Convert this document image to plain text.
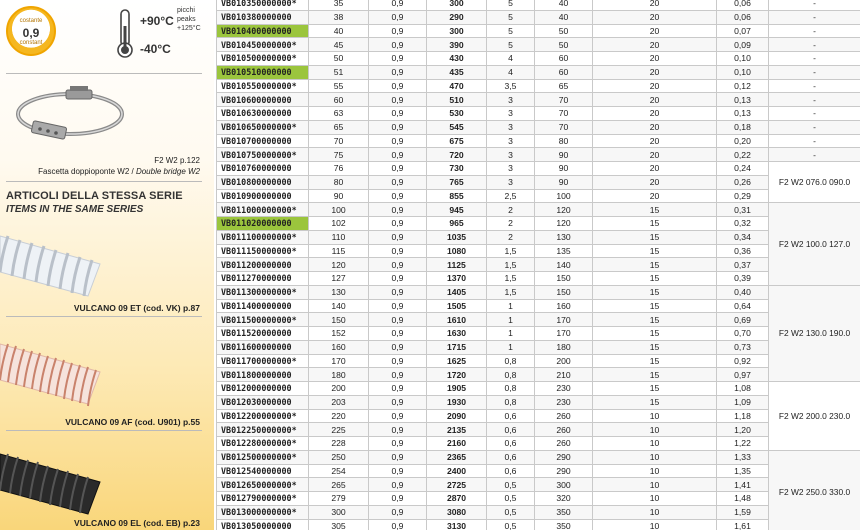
costante
0,9
constant
+90°C
-40°C
picchi
peaks
+125°C
F2 W2 p.122
Fascetta doppioponte W2 / Double bridge W2
ARTICOLI DELLA STESSA SERIE
ITEMS IN THE SAME SERIES
VULCANO 09 ET (cod. VK) p.87
VULCANO 09 AF (cod. U901) p.55
VULCANO 09 EL (cod. EB) p.23
VB010350000000*	35	0,9	300	5	40	20	0,06	-
VB010380000000	38	0,9	290	5	40	20	0,06	-
VB010400000000	40	0,9	300	5	50	20	0,07	-
VB010450000000*	45	0,9	390	5	50	20	0,09	-
VB010500000000*	50	0,9	430	4	60	20	0,10	-
VB010510000000	51	0,9	435	4	60	20	0,10	-
VB010550000000*	55	0,9	470	3,5	65	20	0,12	-
VB010600000000	60	0,9	510	3	70	20	0,13	-
VB010630000000	63	0,9	530	3	70	20	0,13	-
VB010650000000*	65	0,9	545	3	70	20	0,18	-
VB010700000000	70	0,9	675	3	80	20	0,20	-
VB010750000000*	75	0,9	720	3	90	20	0,22	-
VB010760000000	76	0,9	730	3	90	20	0,24	F2 W2 076.0 090.0
VB010800000000	80	0,9	765	3	90	20	0,26	
VB010900000000	90	0,9	855	2,5	100	20	0,29	
VB011000000000*	100	0,9	945	2	120	15	0,31	F2 W2 100.0 127.0
VB011020000000	102	0,9	965	2	120	15	0,32	
VB011100000000*	110	0,9	1035	2	130	15	0,34	
VB011150000000*	115	0,9	1080	1,5	135	15	0,36	
VB011200000000	120	0,9	1125	1,5	140	15	0,37	
VB011270000000	127	0,9	1370	1,5	150	15	0,39	
VB011300000000*	130	0,9	1405	1,5	150	15	0,40	F2 W2 130.0 190.0
VB011400000000	140	0,9	1505	1	160	15	0,64	
VB011500000000*	150	0,9	1610	1	170	15	0,69	
VB011520000000	152	0,9	1630	1	170	15	0,70	
VB011600000000	160	0,9	1715	1	180	15	0,73	
VB011700000000*	170	0,9	1625	0,8	200	15	0,92	
VB011800000000	180	0,9	1720	0,8	210	15	0,97	
VB012000000000	200	0,9	1905	0,8	230	15	1,08	F2 W2 200.0 230.0
VB012030000000	203	0,9	1930	0,8	230	15	1,09	
VB012200000000*	220	0,9	2090	0,6	260	10	1,18	
VB012250000000*	225	0,9	2135	0,6	260	10	1,20	
VB012280000000*	228	0,9	2160	0,6	260	10	1,22	
VB012500000000*	250	0,9	2365	0,6	290	10	1,33	F2 W2 250.0 330.0
VB012540000000	254	0,9	2400	0,6	290	10	1,35	
VB012650000000*	265	0,9	2725	0,5	300	10	1,41	
VB012790000000*	279	0,9	2870	0,5	320	10	1,48	
VB013000000000*	300	0,9	3080	0,5	350	10	1,59	
VB013050000000	305	0,9	3130	0,5	350	10	1,61	
